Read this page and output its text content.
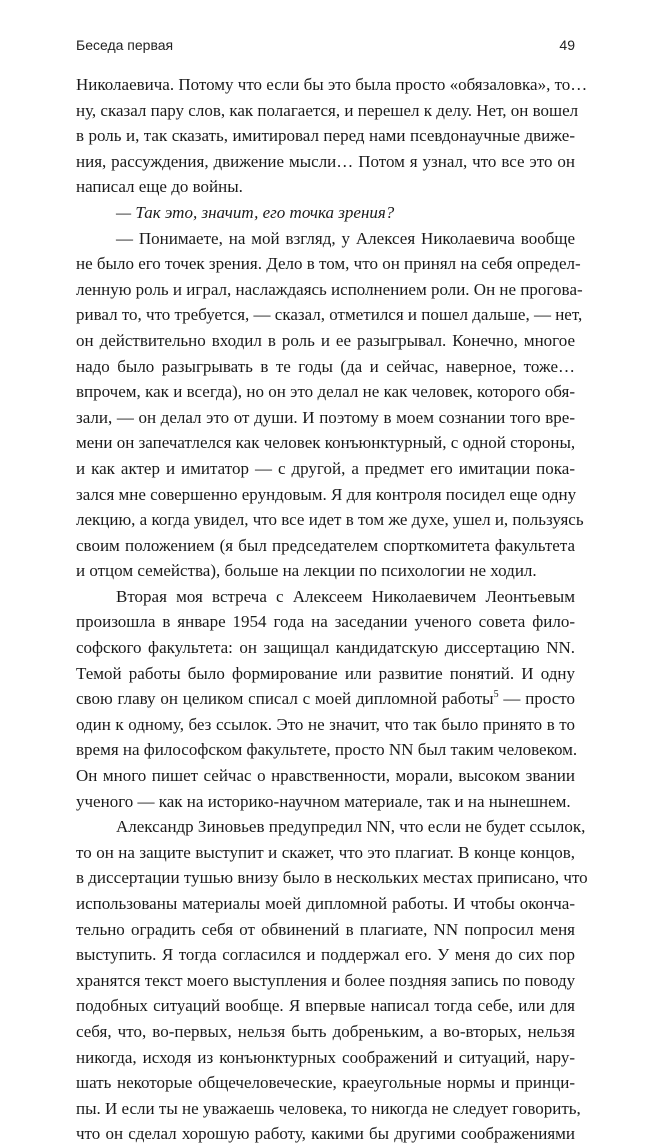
Беседа первая	49
Николаевича. Потому что если бы это была просто «обязаловка», то…
ну, сказал пару слов, как полагается, и перешел к делу. Нет, он вошел
в роль и, так сказать, имитировал перед нами псевдонаучные движе-
ния, рассуждения, движение мысли… Потом я узнал, что все это он
написал еще до войны.
— Так это, значит, его точка зрения?
— Понимаете, на мой взгляд, у Алексея Николаевича вообще
не было его точек зрения. Дело в том, что он принял на себя определ-
ленную роль и играл, наслаждаясь исполнением роли. Он не проговa-
ривал то, что требуется, — сказал, отметился и пошел дальше, — нет,
он действительно входил в роль и ее разыгрывал. Конечно, многое
надо было разыгрывать в те годы (да и сейчас, наверное, тоже…
впрочем, как и всегда), но он это делал не как человек, которого обя-
зали, — он делал это от души. И поэтому в моем сознании того вре-
мени он запечатлелся как человек конъюнктурный, с одной стороны,
и как актер и имитатор — с другой, а предмет его имитации пока-
зался мне совершенно ерундовым. Я для контроля посидел еще одну
лекцию, а когда увидел, что все идет в том же духе, ушел и, пользуясь
своим положением (я был председателем спорткомитета факультета
и отцом семейства), больше на лекции по психологии не ходил.
Вторая моя встреча с Алексеем Николаевичем Леонтьевым
произошла в январе 1954 года на заседании ученого совета фило-
софского факультета: он защищал кандидатскую диссертацию NN.
Темой работы было формирование или развитие понятий. И одну
свою главу он целиком списал с моей дипломной работы$^5$ — просто
один к одному, без ссылок. Это не значит, что так было принято в то
время на философском факультете, просто NN был таким человеком.
Он много пишет сейчас о нравственности, морали, высоком звании
ученого — как на историко-научном материале, так и на нынешнем.
Александр Зиновьев предупредил NN, что если не будет ссылок,
то он на защите выступит и скажет, что это плагиат. В конце концов,
в диссертации тушью внизу было в нескольких местах приписано, что
использованы материалы моей дипломной работы. И чтобы оконча-
тельно оградить себя от обвинений в плагиате, NN попросил меня
выступить. Я тогда согласился и поддержал его. У меня до сих пор
хранятся текст моего выступления и более поздняя запись по поводу
подобных ситуаций вообще. Я впервые написал тогда себе, или для
себя, что, во-первых, нельзя быть добреньким, а во-вторых, нельзя
никогда, исходя из конъюнктурных соображений и ситуаций, нару-
шать некоторые общечеловеческие, краеугольные нормы и принци-
пы. И если ты не уважаешь человека, то никогда не следует говорить,
что он сделал хорошую работу, какими бы другими соображениями
